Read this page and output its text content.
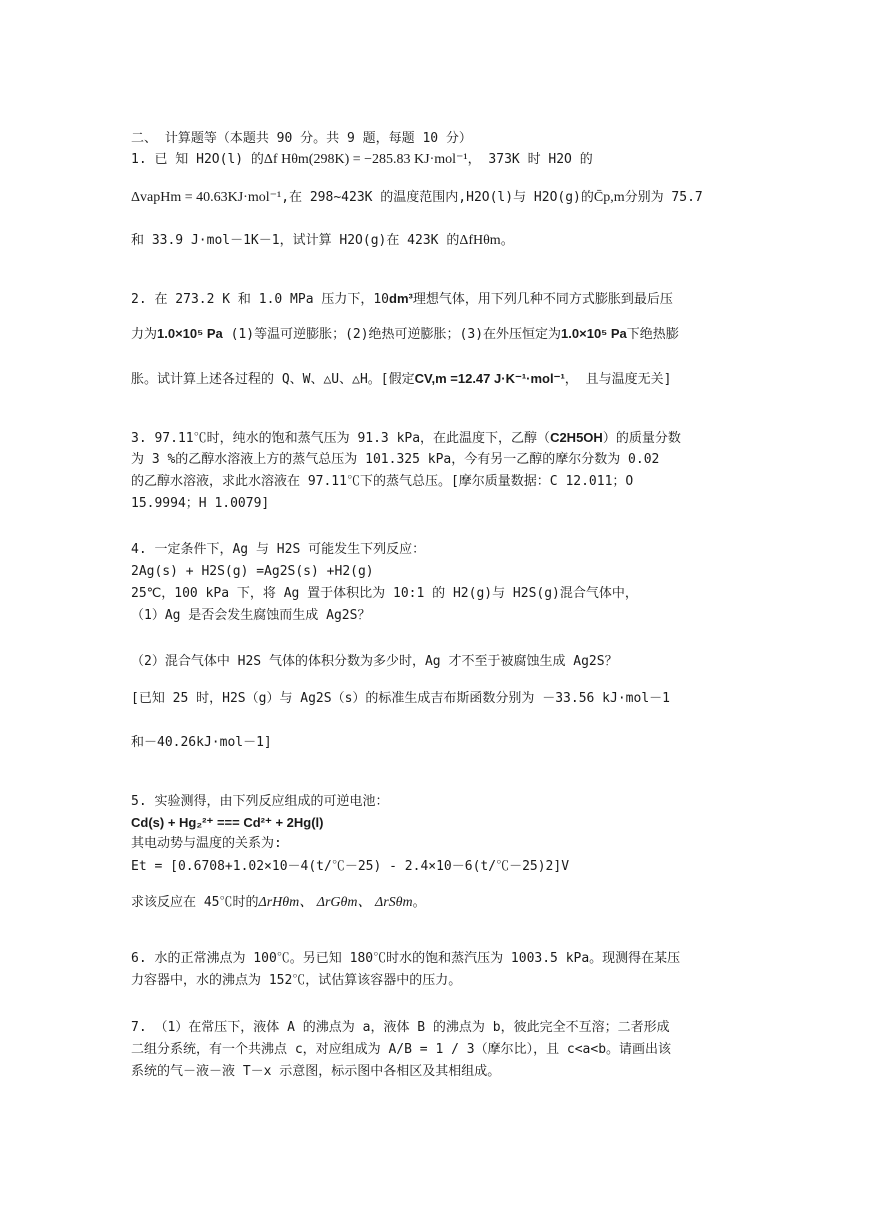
二、 计算题等（本题共 90 分。共 9 题，每题 10 分）
1. 已 知 H2O(l) 的Δf Hθm(298K) = −285.83 KJ·mol⁻¹， 373K 时 H2O 的
ΔvapHm = 40.63KJ·mol⁻¹,在 298~423K 的温度范围内,H2O(l)与 H2O(g)的C̄p,m分别为 75.7
和 33.9 J·mol－1K－1，试计算 H2O(g)在 423K 的ΔfHθm。
2. 在 273.2 K 和 1.0 MPa 压力下，10dm³理想气体，用下列几种不同方式膨胀到最后压
力为1.0×10⁵ Pa (1)等温可逆膨胀；(2)绝热可逆膨胀；(3)在外压恒定为1.0×10⁵ Pa下绝热膨
胀。试计算上述各过程的 Q、W、△U、△H。[假定CV,m =12.47 J·K⁻¹·mol⁻¹， 且与温度无关]
3. 97.11℃时，纯水的饱和蒸气压为 91.3 kPa，在此温度下，乙醇（C2H5OH）的质量分数
为 3 %的乙醇水溶液上方的蒸气总压为 101.325 kPa，今有另一乙醇的摩尔分数为 0.02
的乙醇水溶液，求此水溶液在 97.11℃下的蒸气总压。[摩尔质量数据：C 12.011；O
15.9994；H 1.0079]
4. 一定条件下，Ag 与 H2S 可能发生下列反应：
2Ag(s) + H2S(g) =Ag2S(s) +H2(g)
25℃，100 kPa 下，将 Ag 置于体积比为 10:1 的 H2(g)与 H2S(g)混合气体中，
（1）Ag 是否会发生腐蚀而生成 Ag2S？
（2）混合气体中 H2S 气体的体积分数为多少时，Ag 才不至于被腐蚀生成 Ag2S？
[已知 25 时，H2S（g）与 Ag2S（s）的标准生成吉布斯函数分别为 －33.56 kJ·mol－1
和－40.26kJ·mol－1]
5. 实验测得，由下列反应组成的可逆电池：
Cd(s) + Hg₂²⁺ === Cd²⁺ + 2Hg(l)
其电动势与温度的关系为:
Et = [0.6708+1.02×10－4(t/℃－25) - 2.4×10－6(t/℃－25)2]V
求该反应在 45℃时的ΔrHθm、 ΔrGθm、 ΔrSθm。
6. 水的正常沸点为 100℃。另已知 180℃时水的饱和蒸汽压为 1003.5 kPa。现测得在某压
力容器中，水的沸点为 152℃，试估算该容器中的压力。
7. （1）在常压下，液体 A 的沸点为 a，液体 B 的沸点为 b，彼此完全不互溶；二者形成
二组分系统，有一个共沸点 c，对应组成为 A/B = 1 / 3（摩尔比），且 c<a<b。请画出该
系统的气－液－液 T－x 示意图，标示图中各相区及其相组成。
